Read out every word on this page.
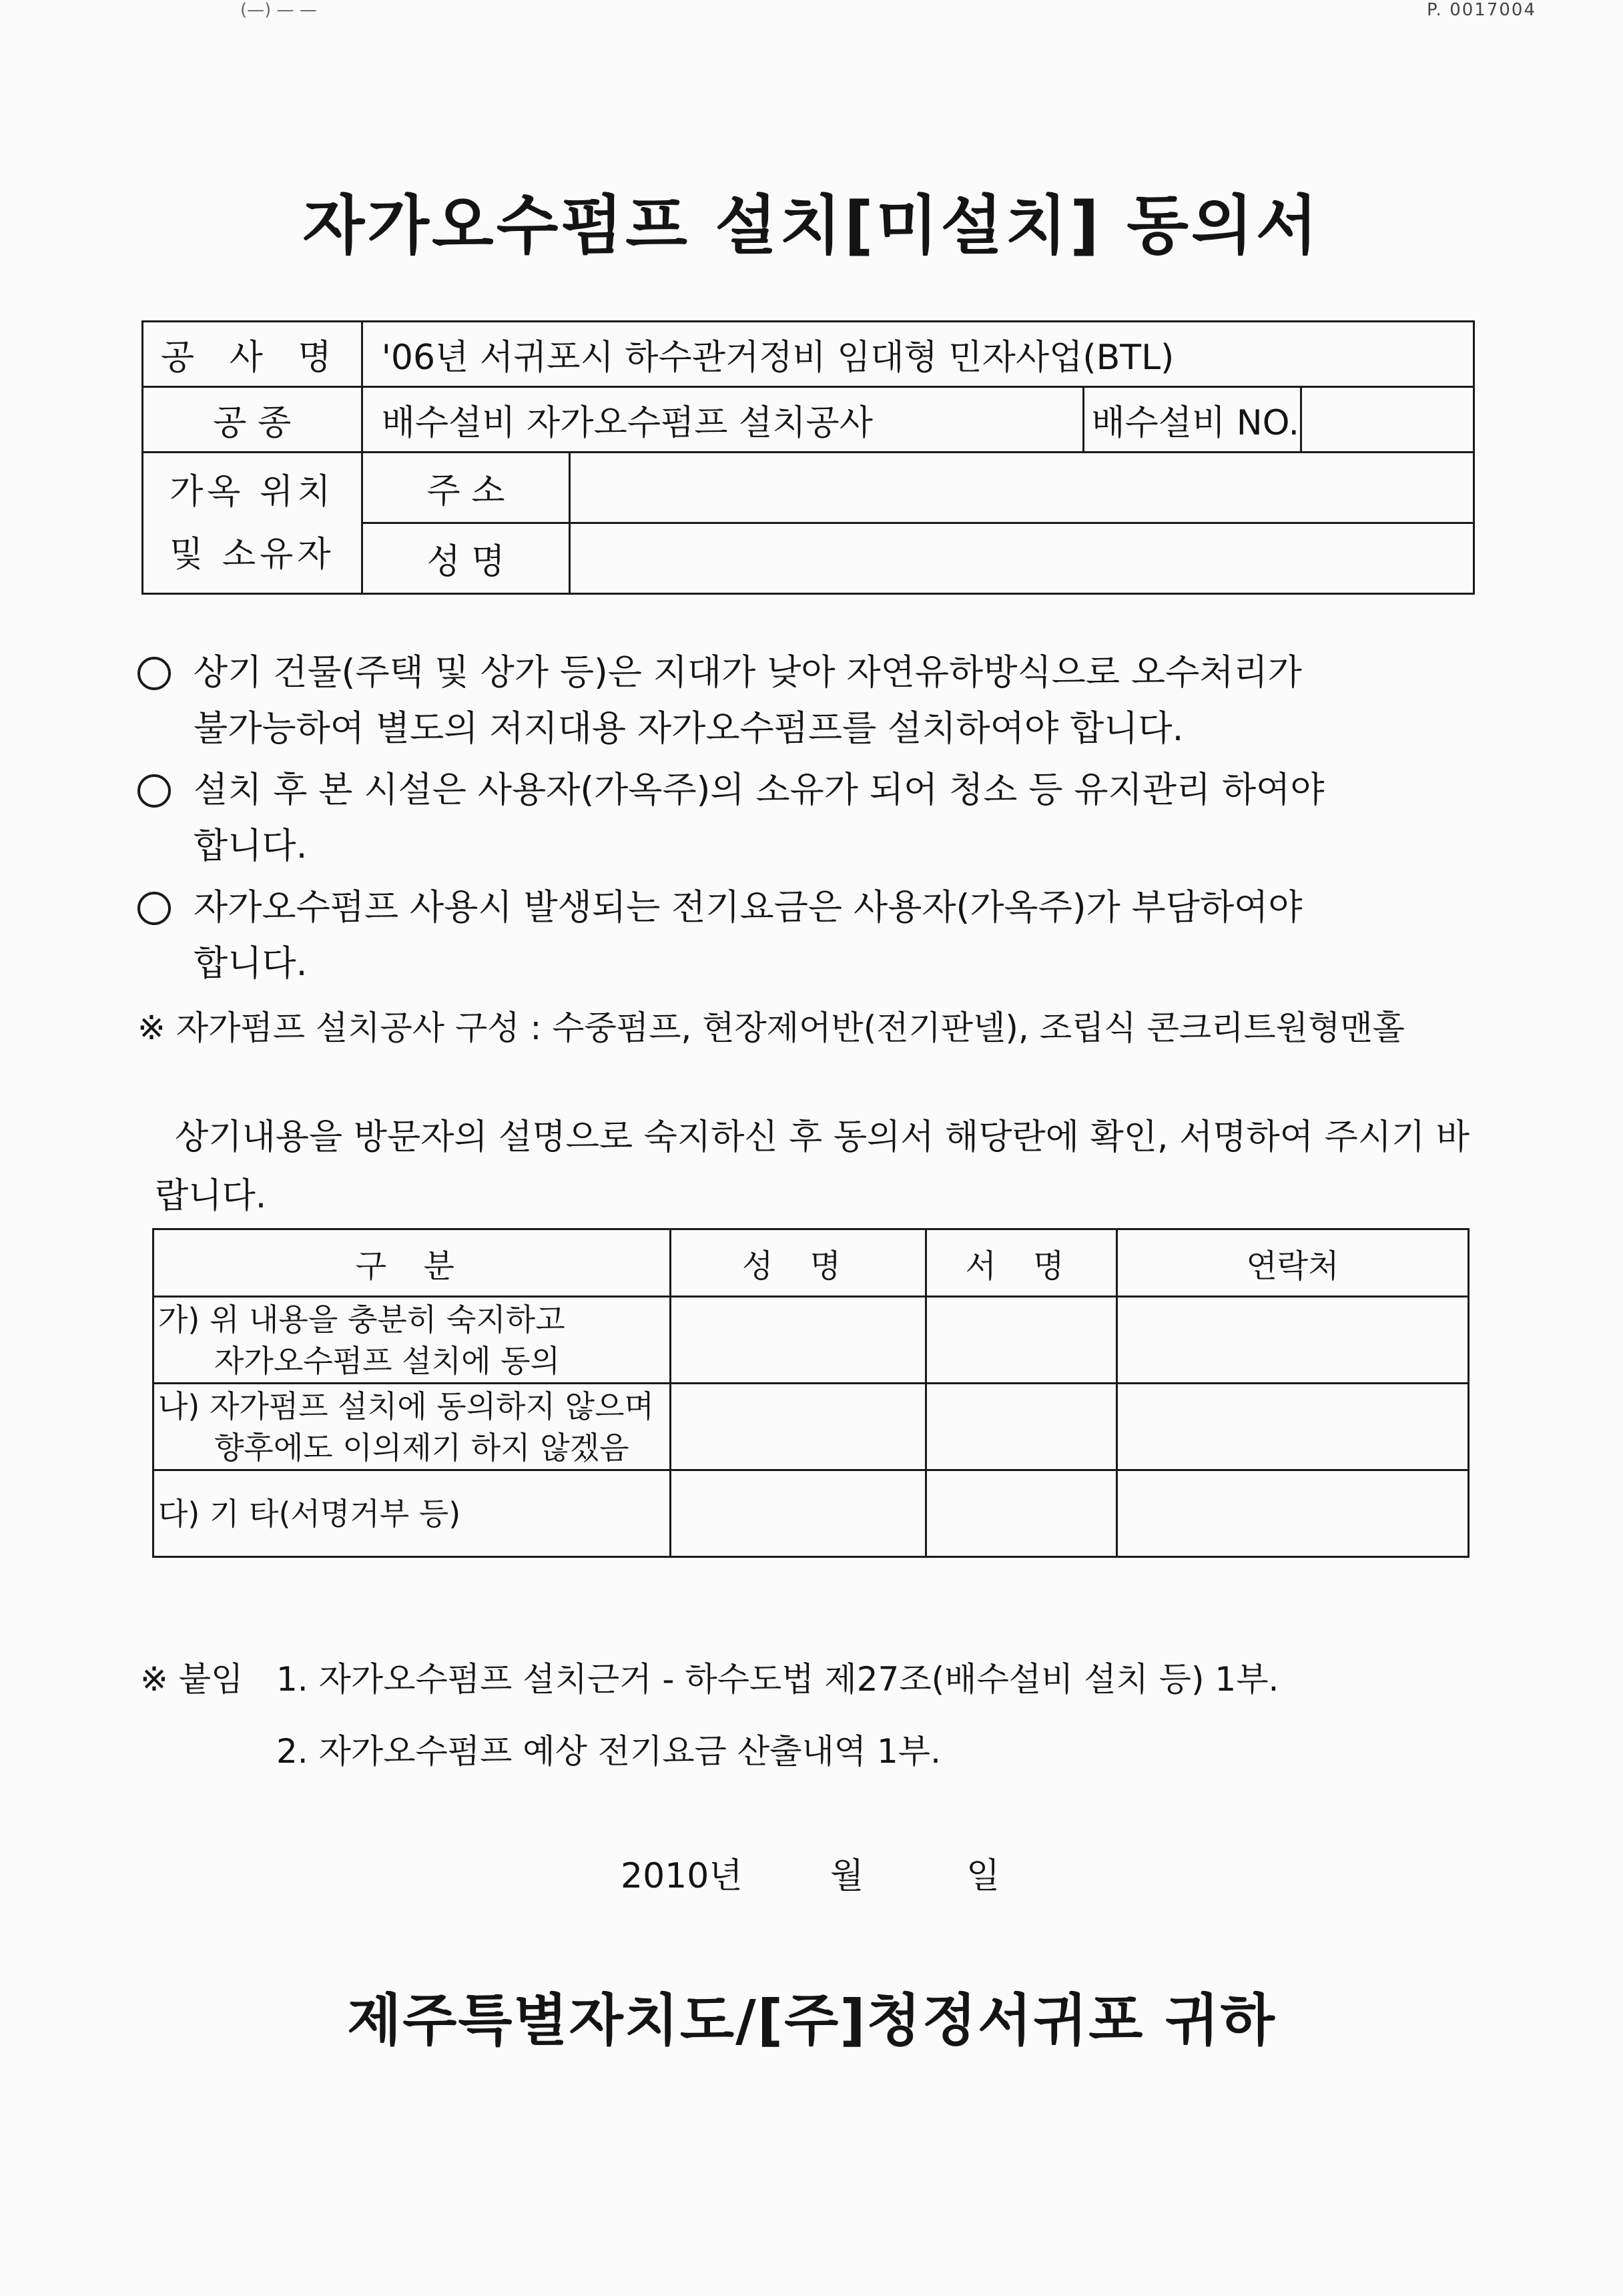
(—) — —	P. 0017004
자가오수펌프 설치[미설치] 동의서
공 사 명	'06년 서귀포시 하수관거정비 임대형 민자사업(BTL)			
공 종	배수설비 자가오수펌프 설치공사		배수설비 NO.	
가옥 위치
및 소유자	주 소			
	성 명			
상기 건물(주택 및 상가 등)은 지대가 낮아 자연유하방식으로 오수처리가
불가능하여 별도의 저지대용 자가오수펌프를 설치하여야 합니다.
설치 후 본 시설은 사용자(가옥주)의 소유가 되어 청소 등 유지관리 하여야
합니다.
자가오수펌프 사용시 발생되는 전기요금은 사용자(가옥주)가 부담하여야
합니다.
※ 자가펌프 설치공사 구성 : 수중펌프, 현장제어반(전기판넬), 조립식 콘크리트원형맨홀
상기내용을 방문자의 설명으로 숙지하신 후 동의서 해당란에 확인, 서명하여 주시기 바랍니다.
구 분	성 명	서 명	연락처
가) 위 내용을 충분히 숙지하고
자가오수펌프 설치에 동의			

나) 자가펌프 설치에 동의하지 않으며
향후에도 이의제기 하지 않겠음			

다) 기 타(서명거부 등)			
※ 붙임 1. 자가오수펌프 설치근거 - 하수도법 제27조(배수설비 설치 등) 1부.
2. 자가오수펌프 예상 전기요금 산출내역 1부.
2010년	월	일
제주특별자치도/[주]청정서귀포 귀하
